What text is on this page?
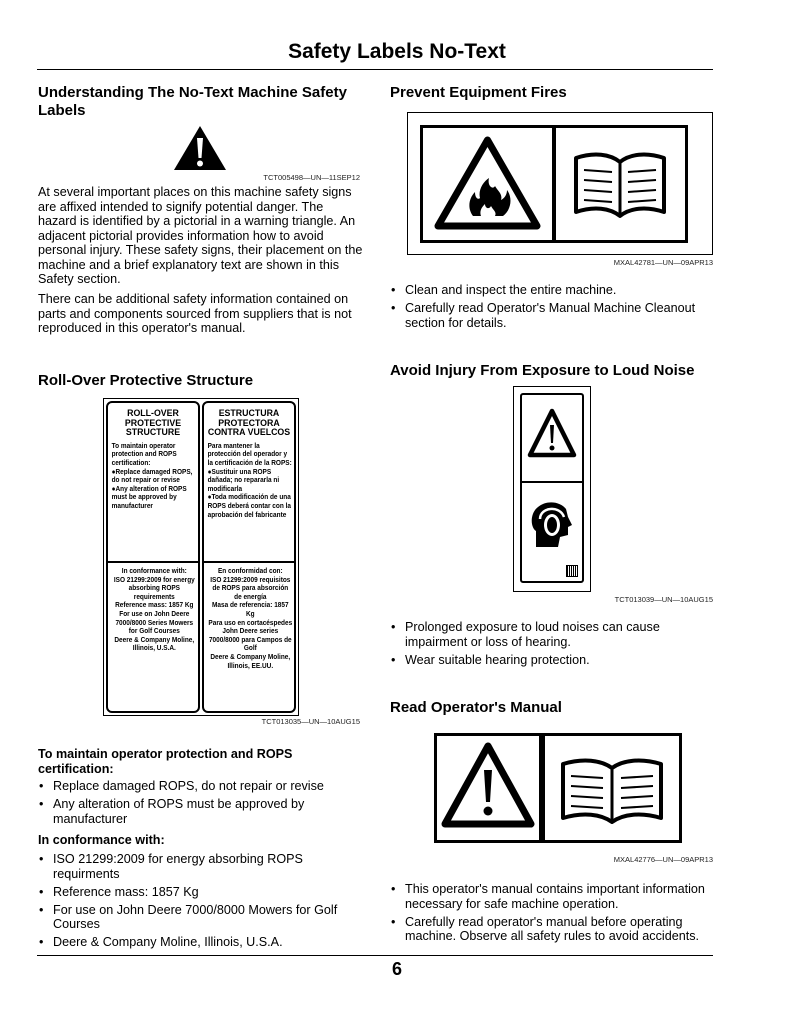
Safety Labels No-Text
Understanding The No-Text Machine Safety Labels
TCT005498—UN—11SEP12

At several important places on this machine safety signs are affixed intended to signify potential danger. The hazard is identified by a pictorial in a warning triangle. An adjacent pictorial provides information how to avoid personal injury. These safety signs, their placement on the machine and a brief explanatory text are shown in this Safety section.

There can be additional safety information contained on parts and components sourced from suppliers that is not reproduced in this operator's manual.

Roll-Over Protective Structure
ROLL-OVER PROTECTIVE STRUCTURE
To maintain operator protection and ROPS certification:
●Replace damaged ROPS, do not repair or revise
●Any alteration of ROPS must be approved by manufacturer
In conformance with:
ISO 21299:2009 for energy absorbing ROPS requirements
Reference mass: 1857 Kg
For use on John Deere 7000/8000 Series Mowers for Golf Courses
Deere & Company Moline, Illinois, U.S.A.
ESTRUCTURA PROTECTORA CONTRA VUELCOS
Para mantener la protección del operador y la certificación de la ROPS:
●Sustituir una ROPS dañada; no repararla ni modificarla
●Toda modificación de una ROPS deberá contar con la aprobación del fabricante
En conformidad con:
ISO 21299:2009 requisitos de ROPS para absorción de energía
Masa de referencia: 1857 Kg
Para uso en cortacéspedes John Deere series 7000/8000 para Campos de Golf
Deere & Company Moline, Illinois, EE.UU.
TCT013035—UN—10AUG15
To maintain operator protection and ROPS certification:
• Replace damaged ROPS, do not repair or revise
• Any alteration of ROPS must be approved by manufacturer
In conformance with:
• ISO 21299:2009 for energy absorbing ROPS requirments
• Reference mass: 1857 Kg
• For use on John Deere 7000/8000 Mowers for Golf Courses
• Deere & Company Moline, Illinois, U.S.A.
Prevent Equipment Fires
MXAL42781—UN—09APR13
• Clean and inspect the entire machine.
• Carefully read Operator's Manual Machine Cleanout section for details.
Avoid Injury From Exposure to Loud Noise
TCT013039—UN—10AUG15
• Prolonged exposure to loud noises can cause impairment or loss of hearing.
• Wear suitable hearing protection.
Read Operator's Manual
MXAL42776—UN—09APR13
• This operator's manual contains important information necessary for safe machine operation.
• Carefully read operator's manual before operating machine. Observe all safety rules to avoid accidents.
6
